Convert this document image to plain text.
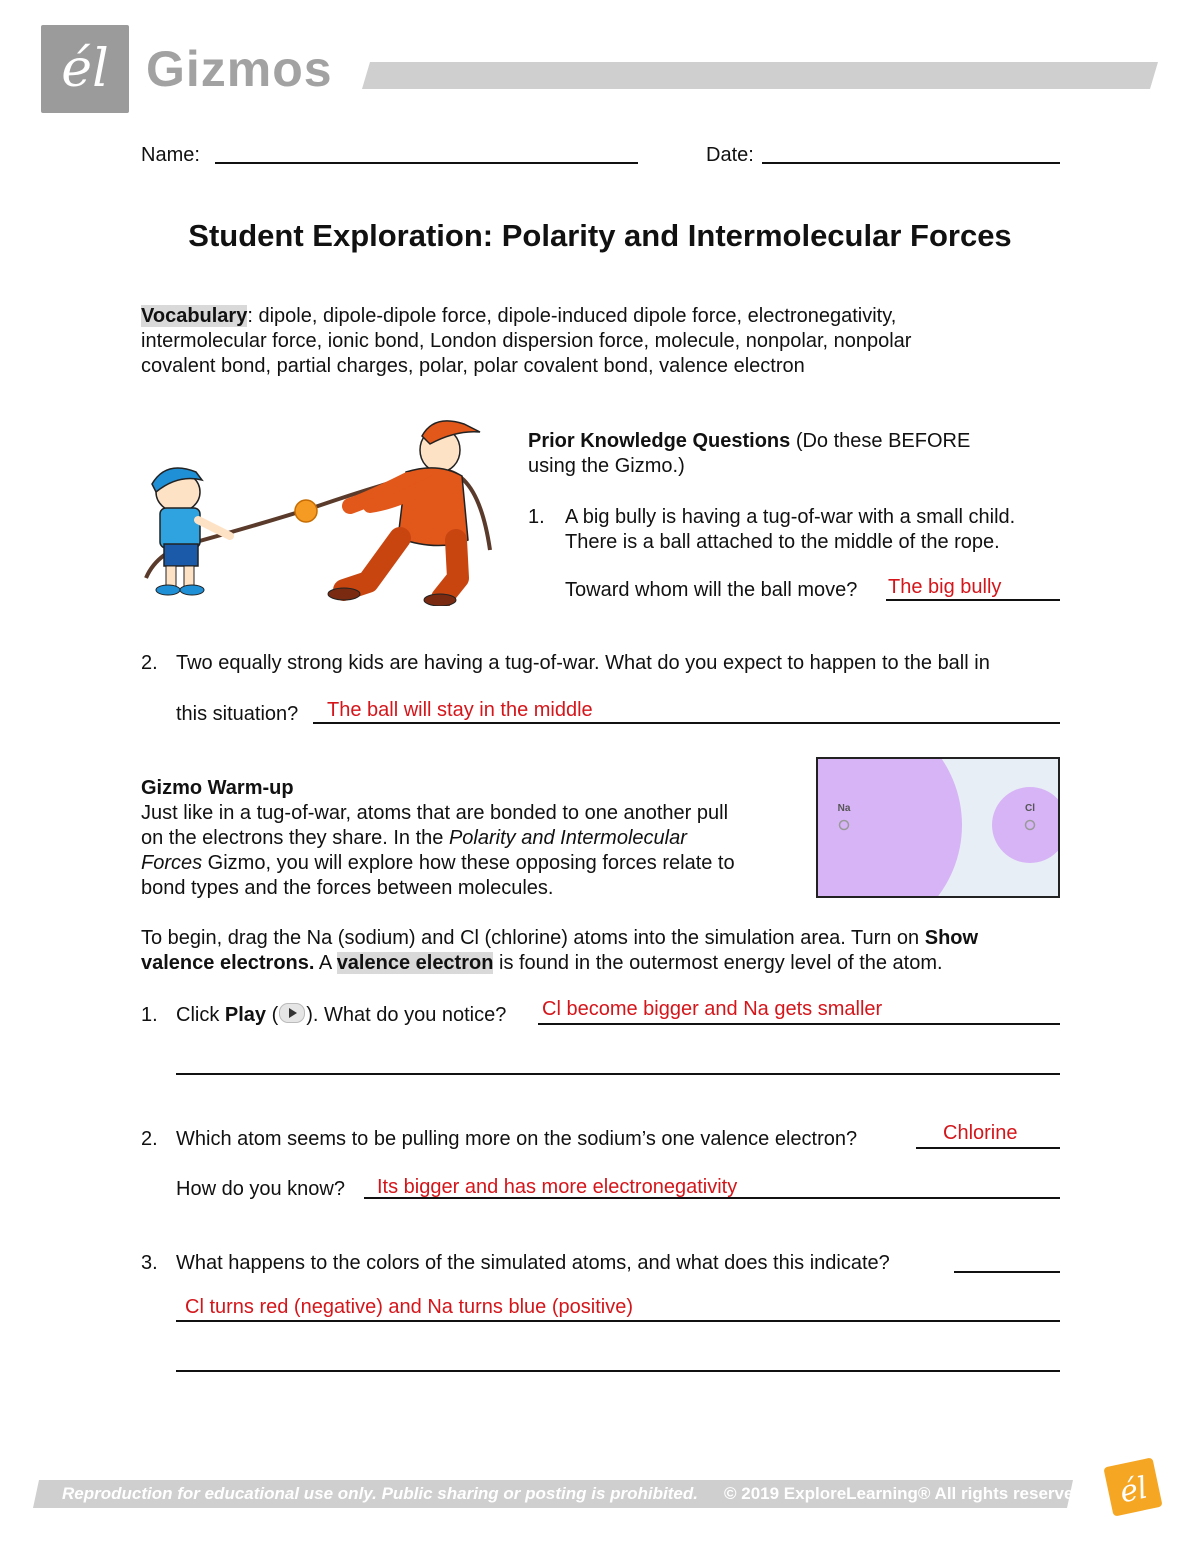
él Gizmos
Name:	Date:
Student Exploration: Polarity and Intermolecular Forces
Vocabulary: dipole, dipole-dipole force, dipole-induced dipole force, electronegativity,
intermolecular force, ionic bond, London dispersion force, molecule, nonpolar, nonpolar
covalent bond, partial charges, polar, polar covalent bond, valence electron
Prior Knowledge Questions (Do these BEFORE
using the Gizmo.)
1. A big bully is having a tug-of-war with a small child.
There is a ball attached to the middle of the rope.
Toward whom will the ball move? The big bully
2. Two equally strong kids are having a tug-of-war. What do you expect to happen to the ball in
this situation? The ball will stay in the middle
Gizmo Warm-up
Just like in a tug-of-war, atoms that are bonded to one another pull
on the electrons they share. In the Polarity and Intermolecular
Forces Gizmo, you will explore how these opposing forces relate to
bond types and the forces between molecules.
Na	Cl
To begin, drag the Na (sodium) and Cl (chlorine) atoms into the simulation area. Turn on Show
valence electrons. A valence electron is found in the outermost energy level of the atom.
1. Click Play ( ). What do you notice? Cl become bigger and Na gets smaller
2. Which atom seems to be pulling more on the sodium’s one valence electron?	Chlorine
How do you know? Its bigger and has more electronegativity
3. What happens to the colors of the simulated atoms, and what does this indicate?
Cl turns red (negative) and Na turns blue (positive)
Reproduction for educational use only. Public sharing or posting is prohibited. © 2019 ExploreLearning® All rights reserved él
